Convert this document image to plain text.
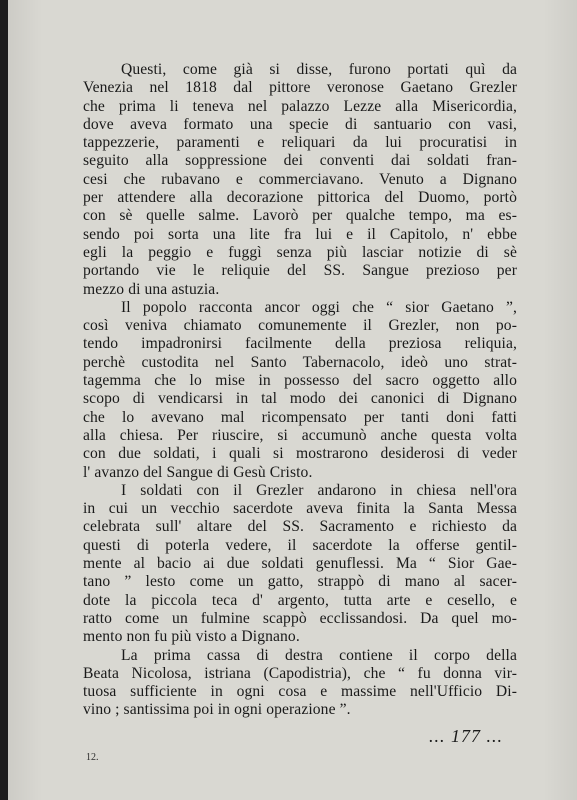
Questi, come già si disse, furono portati quì da
Venezia nel 1818 dal pittore veronose Gaetano Grezler
che prima li teneva nel palazzo Lezze alla Misericordia,
dove aveva formato una specie di santuario con vasi,
tappezzerie, paramenti e reliquari da lui procuratisi in
seguito alla soppressione dei conventi dai soldati fran-
cesi che rubavano e commerciavano. Venuto a Dignano
per attendere alla decorazione pittorica del Duomo, portò
con sè quelle salme. Lavorò per qualche tempo, ma es-
sendo poi sorta una lite fra lui e il Capitolo, n' ebbe
egli la peggio e fuggì senza più lasciar notizie di sè
portando vie le reliquie del SS. Sangue prezioso per
mezzo di una astuzia.

Il popolo racconta ancor oggi che “ sior Gaetano ”,
così veniva chiamato comunemente il Grezler, non po-
tendo impadronirsi facilmente della preziosa reliquia,
perchè custodita nel Santo Tabernacolo, ideò uno strat-
tagemma che lo mise in possesso del sacro oggetto allo
scopo di vendicarsi in tal modo dei canonici di Dignano
che lo avevano mal ricompensato per tanti doni fatti
alla chiesa. Per riuscire, si accumunò anche questa volta
con due soldati, i quali si mostrarono desiderosi di veder
l' avanzo del Sangue di Gesù Cristo.

I soldati con il Grezler andarono in chiesa nell'ora
in cui un vecchio sacerdote aveva finita la Santa Messa
celebrata sull' altare del SS. Sacramento e richiesto da
questi di poterla vedere, il sacerdote la offerse gentil-
mente al bacio ai due soldati genuflessi. Ma “ Sior Gae-
tano ” lesto come un gatto, strappò di mano al sacer-
dote la piccola teca d' argento, tutta arte e cesello, e
ratto come un fulmine scappò ecclissandosi. Da quel mo-
mento non fu più visto a Dignano.

La prima cassa di destra contiene il corpo della
Beata Nicolosa, istriana (Capodistria), che “ fu donna vir-
tuosa sufficiente in ogni cosa e massime nell'Ufficio Di-
vino ; santissima poi in ogni operazione ”.

... 177 ...
12.
